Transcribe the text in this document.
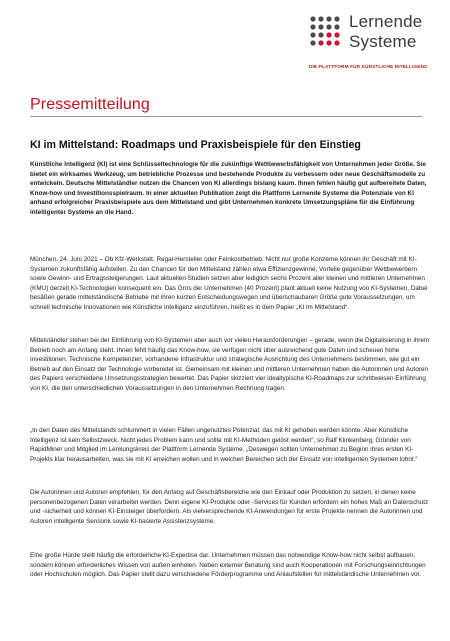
Lernende
Systeme
DIE PLATTFORM FÜR KÜNSTLICHE INTELLIGENZ
Pressemitteilung
KI im Mittelstand: Roadmaps und Praxisbeispiele für den Einstieg
Künstliche Intelligenz (KI) ist eine Schlüsseltechnologie für die zukünftige Wettbewerbsfähigkeit von Unternehmen jeder Größe. Sie bietet ein wirksames Werkzeug, um betriebliche Prozesse und bestehende Produkte zu verbessern oder neue Geschäftsmodelle zu entwickeln. Deutsche Mittelständler nutzen die Chancen von KI allerdings bislang kaum. Ihnen fehlen häufig gut aufbereitete Daten, Know-how und Investitionsspielraum. In einer aktuellen Publikation zeigt die Plattform Lernende Systeme die Potenziale von KI anhand erfolgreicher Praxisbeispiele aus dem Mittelstand und gibt Unternehmen konkrete Umsetzungspläne für die Einführung intelligenter Systeme an die Hand.
München, 24. Juni 2021 – Ob Kfz-Werkstatt, Regal-Hersteller oder Feinkostbetrieb: Nicht nur große Konzerne können ihr Geschäft mit KI-Systemen zukunftsfähig aufstellen. Zu den Chancen für den Mittelstand zählen etwa Effizienzgewinne, Vorteile gegenüber Wettbewerbern sowie Gewinn- und Ertragssteigerungen. Laut aktuellen Studien setzen aber lediglich sechs Prozent aller kleinen und mittleren Unternehmen (KMU) derzeit KI-Technologien konsequent ein. Das Gros der Unternehmen (40 Prozent) plant aktuell keine Nutzung von KI-Systemen. Dabei besäßen gerade mittelständische Betriebe mit ihren kurzen Entscheidungswegen und überschaubaren Größe gute Voraussetzungen, um schnell technische Innovationen wie Künstliche Intelligenz einzuführen, heißt es in dem Papier „KI im Mittelstand“.
Mittelständler stehen bei der Einführung von KI-Systemen aber auch vor vielen Herausforderungen – gerade, wenn die Digitalisierung in ihrem Betrieb noch am Anfang steht. Ihnen fehlt häufig das Know-how, sie verfügen nicht über ausreichend gute Daten und scheuen hohe Investitionen. Technische Kompetenzen, vorhandene Infrastruktur und strategische Ausrichtung des Unternehmens bestimmen, wie gut ein Betrieb auf den Einsatz der Technologie vorbereitet ist. Gemeinsam mit kleinen und mittleren Unternehmen haben die Autorinnen und Autoren des Papiers verschiedene Umsetzungsstrategien bewertet. Das Papier skizziert vier idealtypische KI-Roadmaps zur schrittweisen Einführung von KI, die den unterschiedlichen Voraussetzungen in den Unternehmen Rechnung tragen.
„In den Daten des Mittelstands schlummert in vielen Fällen ungenutztes Potenzial, das mit KI gehoben werden könnte. Aber Künstliche Intelligenz ist kein Selbstzweck. Nicht jedes Problem kann und sollte mit KI-Methoden gelöst werden“, so Ralf Klinkenberg, Gründer von RapidMiner und Mitglied im Lenkungskreis der Plattform Lernende Systeme. „Deswegen sollten Unternehmen zu Beginn ihres ersten KI-Projekts klar herausarbeiten, was sie mit KI erreichen wollen und in welchen Bereichen sich der Einsatz von intelligenten Systemen lohnt.“
Die Autorinnen und Autoren empfehlen, für den Anfang auf Geschäftsbereiche wie den Einkauf oder Produktion zu setzen, in denen keine personenbezogenen Daten verarbeitet werden. Denn eigene KI-Produkte oder -Services für Kunden erfordern ein hohes Maß an Datenschutz und -sicherheit und können KI-Einsteiger überfordern. Als vielversprechende KI-Anwendungen für erste Projekte nennen die Autorinnen und Autoren intelligente Sensorik sowie KI-basierte Assistenzsysteme.
Eine große Hürde stellt häufig die erforderliche KI-Expertise dar. Unternehmen müssen das notwendige Know-how nicht selbst aufbauen, sondern können erforderliches Wissen von außen einholen. Neben externer Beratung sind auch Kooperationen mit Forschungseinrichtungen oder Hochschulen möglich. Das Papier stellt dazu verschiedene Förderprogramme und Anlaufstellen für mittelständische Unternehmen vor.
